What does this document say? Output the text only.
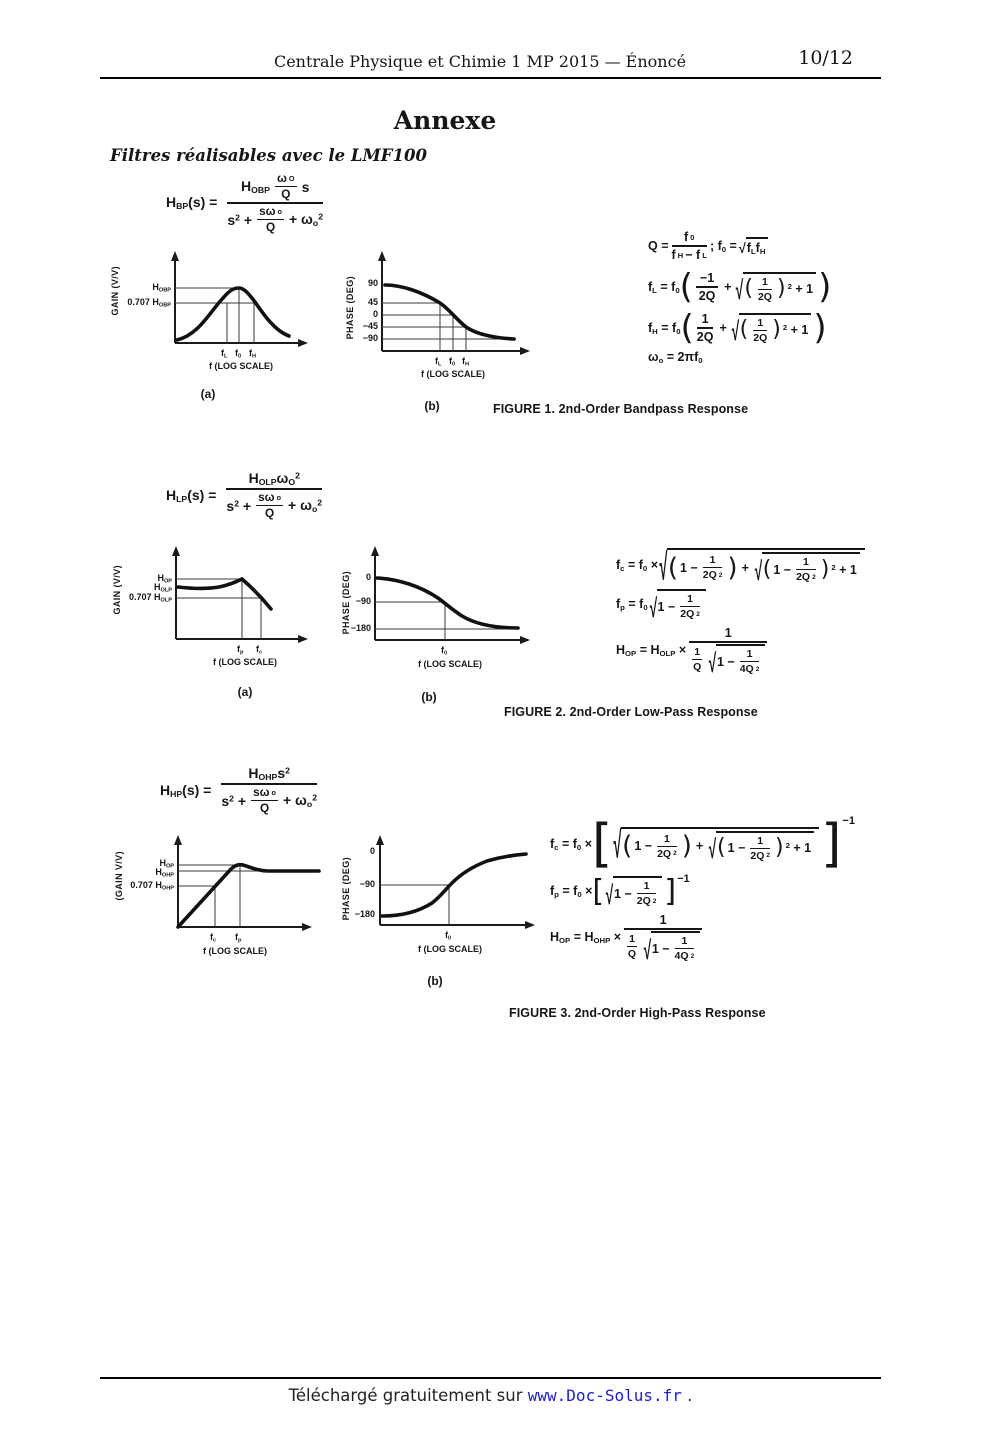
Centrale Physique et Chimie 1 MP 2015 — Énoncé	10/12
Annexe
Filtres réalisables avec le LMF100
$H_{BP}(s)$ =
$H_{OBP} \frac{\text{ω O}}{Q}$ s
$s^2 + \frac{\text{sω o}}{Q} + \omega_o^2$
GAIN (V/V)	$H_{OBP}$
0.707 $H_{OBP}$
$f_L$ $f_0$ $f_H$
f (LOG SCALE)
(a)
PHASE (DEG)	90
45
0
−45
−90
$f_L$ $f_0$ $f_H$
f (LOG SCALE)
(b)
$Q = \frac{f 0}{\text{f H − f L}}$ ; $f_0$ = √ $f_Lf_H$
$f_L = f_0$ ( $\frac{-1}{2Q}$ + √ ( $\frac{1}{2Q}$ ) $^2$ + 1 )
$f_H = f_0$ ( $\frac{1}{2Q}$ + √ ( $\frac{1}{2Q}$ ) $^2$ + 1 )
$\omega_o = 2\pi f_0$
FIGURE 1. 2nd-Order Bandpass Response
$H_{LP}(s)$ =
$H_{OLP}\omega_O^2$
$s^2 + \frac{\text{sω o}}{Q} + \omega_o^2$
GAIN (V/V)	$H_{OP}$
$H_{OLP}$
0.707 $H_{OLP}$
$f_p$ $f_c$
f (LOG SCALE)
(a)
PHASE (DEG)	0
−90
−180
$f_0$
f (LOG SCALE)
(b)
$f_c = f_0$ × √ ( $1 - \frac{1}{2Q 2}$ ) + √ ( $1 - \frac{1}{2Q 2}$ ) $^2$ + 1
$f_p = f_0$ √ $1 - \frac{1}{2Q 2}$
$H_{OP} = H_{OLP}$ ×
1
$\frac{1}{Q}$ √ $1 - \frac{1}{4Q 2}$
FIGURE 2. 2nd-Order Low-Pass Response
$H_{HP}(s)$ =
$H_{OHP}s^2$
$s^2 + \frac{\text{sω o}}{Q} + \omega_o^2$
(GAIN V/V)	$H_{OP}$
$H_{OHP}$
0.707 $H_{OHP}$
$f_c$ $f_p$
f (LOG SCALE)
PHASE (DEG)
0
−90
−180
$f_0$
f (LOG SCALE)
(b)
$f_c = f_0$ × [ √ ( $1 - \frac{1}{2Q 2}$ ) + √ ( $1 - \frac{1}{2Q 2}$ ) $^2$ + 1 ] −1
$f_p = f_0$ × [ √ $1 - \frac{1}{2Q 2}$ ] −1
$H_{OP} = H_{OHP}$ ×
1
$\frac{1}{Q}$ √ $1 - \frac{1}{4Q 2}$
FIGURE 3. 2nd-Order High-Pass Response
Téléchargé gratuitement sur www.Doc-Solus.fr .
